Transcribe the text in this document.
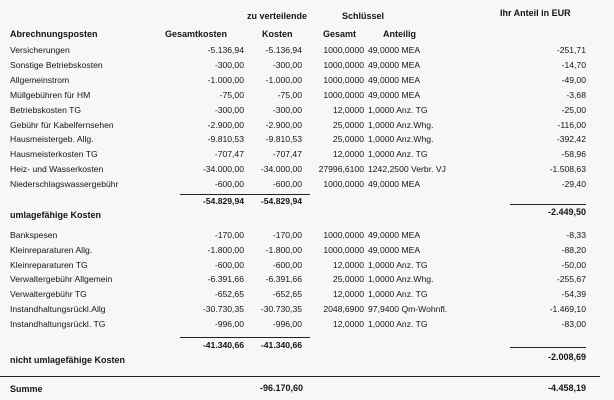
zu verteilende	Schlüssel	Ihr Anteil in EUR
Abrechnungsposten	Gesamtkosten	Kosten	Gesamt	Anteilig
Versicherungen	-5.136,94	-5.136,94	1000,0000 49,0000 MEA	-251,71
Sonstige Betriebskosten	-300,00	-300,00	1000,0000 49,0000 MEA	-14,70
Allgemeinstrom	-1.000,00	-1.000,00	1000,0000 49,0000 MEA	-49,00
Müllgebühren für HM	-75,00	-75,00	1000,0000 49,0000 MEA	-3,68
Betriebskosten TG	-300,00	-300,00	12,0000 1,0000 Anz. TG	-25,00
Gebühr für Kabelfernsehen	-2.900,00	-2.900,00	25,0000 1,0000 Anz.Whg.	-116,00
Hausmeistergeb. Allg.	-9.810,53	-9.810,53	25,0000 1,0000 Anz.Whg.	-392,42
Hausmeisterkosten TG	-707,47	-707,47	12,0000 1,0000 Anz. TG	-58,96
Heiz- und Wasserkosten	-34.000,00	-34.000,00	27996,6100 1242,2500 Verbr. VJ	-1.508,63
Niederschlagswassergebühr	-600,00	-600,00	1000,0000 49,0000 MEA	-29,40
Bankspesen	-170,00	-170,00	1000,0000 49,0000 MEA	-8,33
Kleinreparaturen Allg.	-1.800,00	-1.800,00	1000,0000 49,0000 MEA	-88,20
Kleinreparaturen TG	-600,00	-600,00	12,0000 1,0000 Anz. TG	-50,00
Verwaltergebühr Allgemein	-6.391,66	-6.391,66	25,0000 1,0000 Anz.Whg.	-255,67
Verwaltergebühr TG	-652,65	-652,65	12,0000 1,0000 Anz. TG	-54,39
Instandhaltungsrückl.Allg	-30.730,35	-30.730,35	2048,6900 97,9400 Qm-Wohnfl.	-1.469,10
Instandhaltungsrückl. TG	-996,00	-996,00	12,0000 1,0000 Anz. TG	-83,00
-54.829,94	-54.829,94
umlagefähige Kosten	-2.449,50
-41.340,66	-41.340,66
nicht umlagefähige Kosten	-2.008,69
Summe	-96.170,60	-4.458,19
